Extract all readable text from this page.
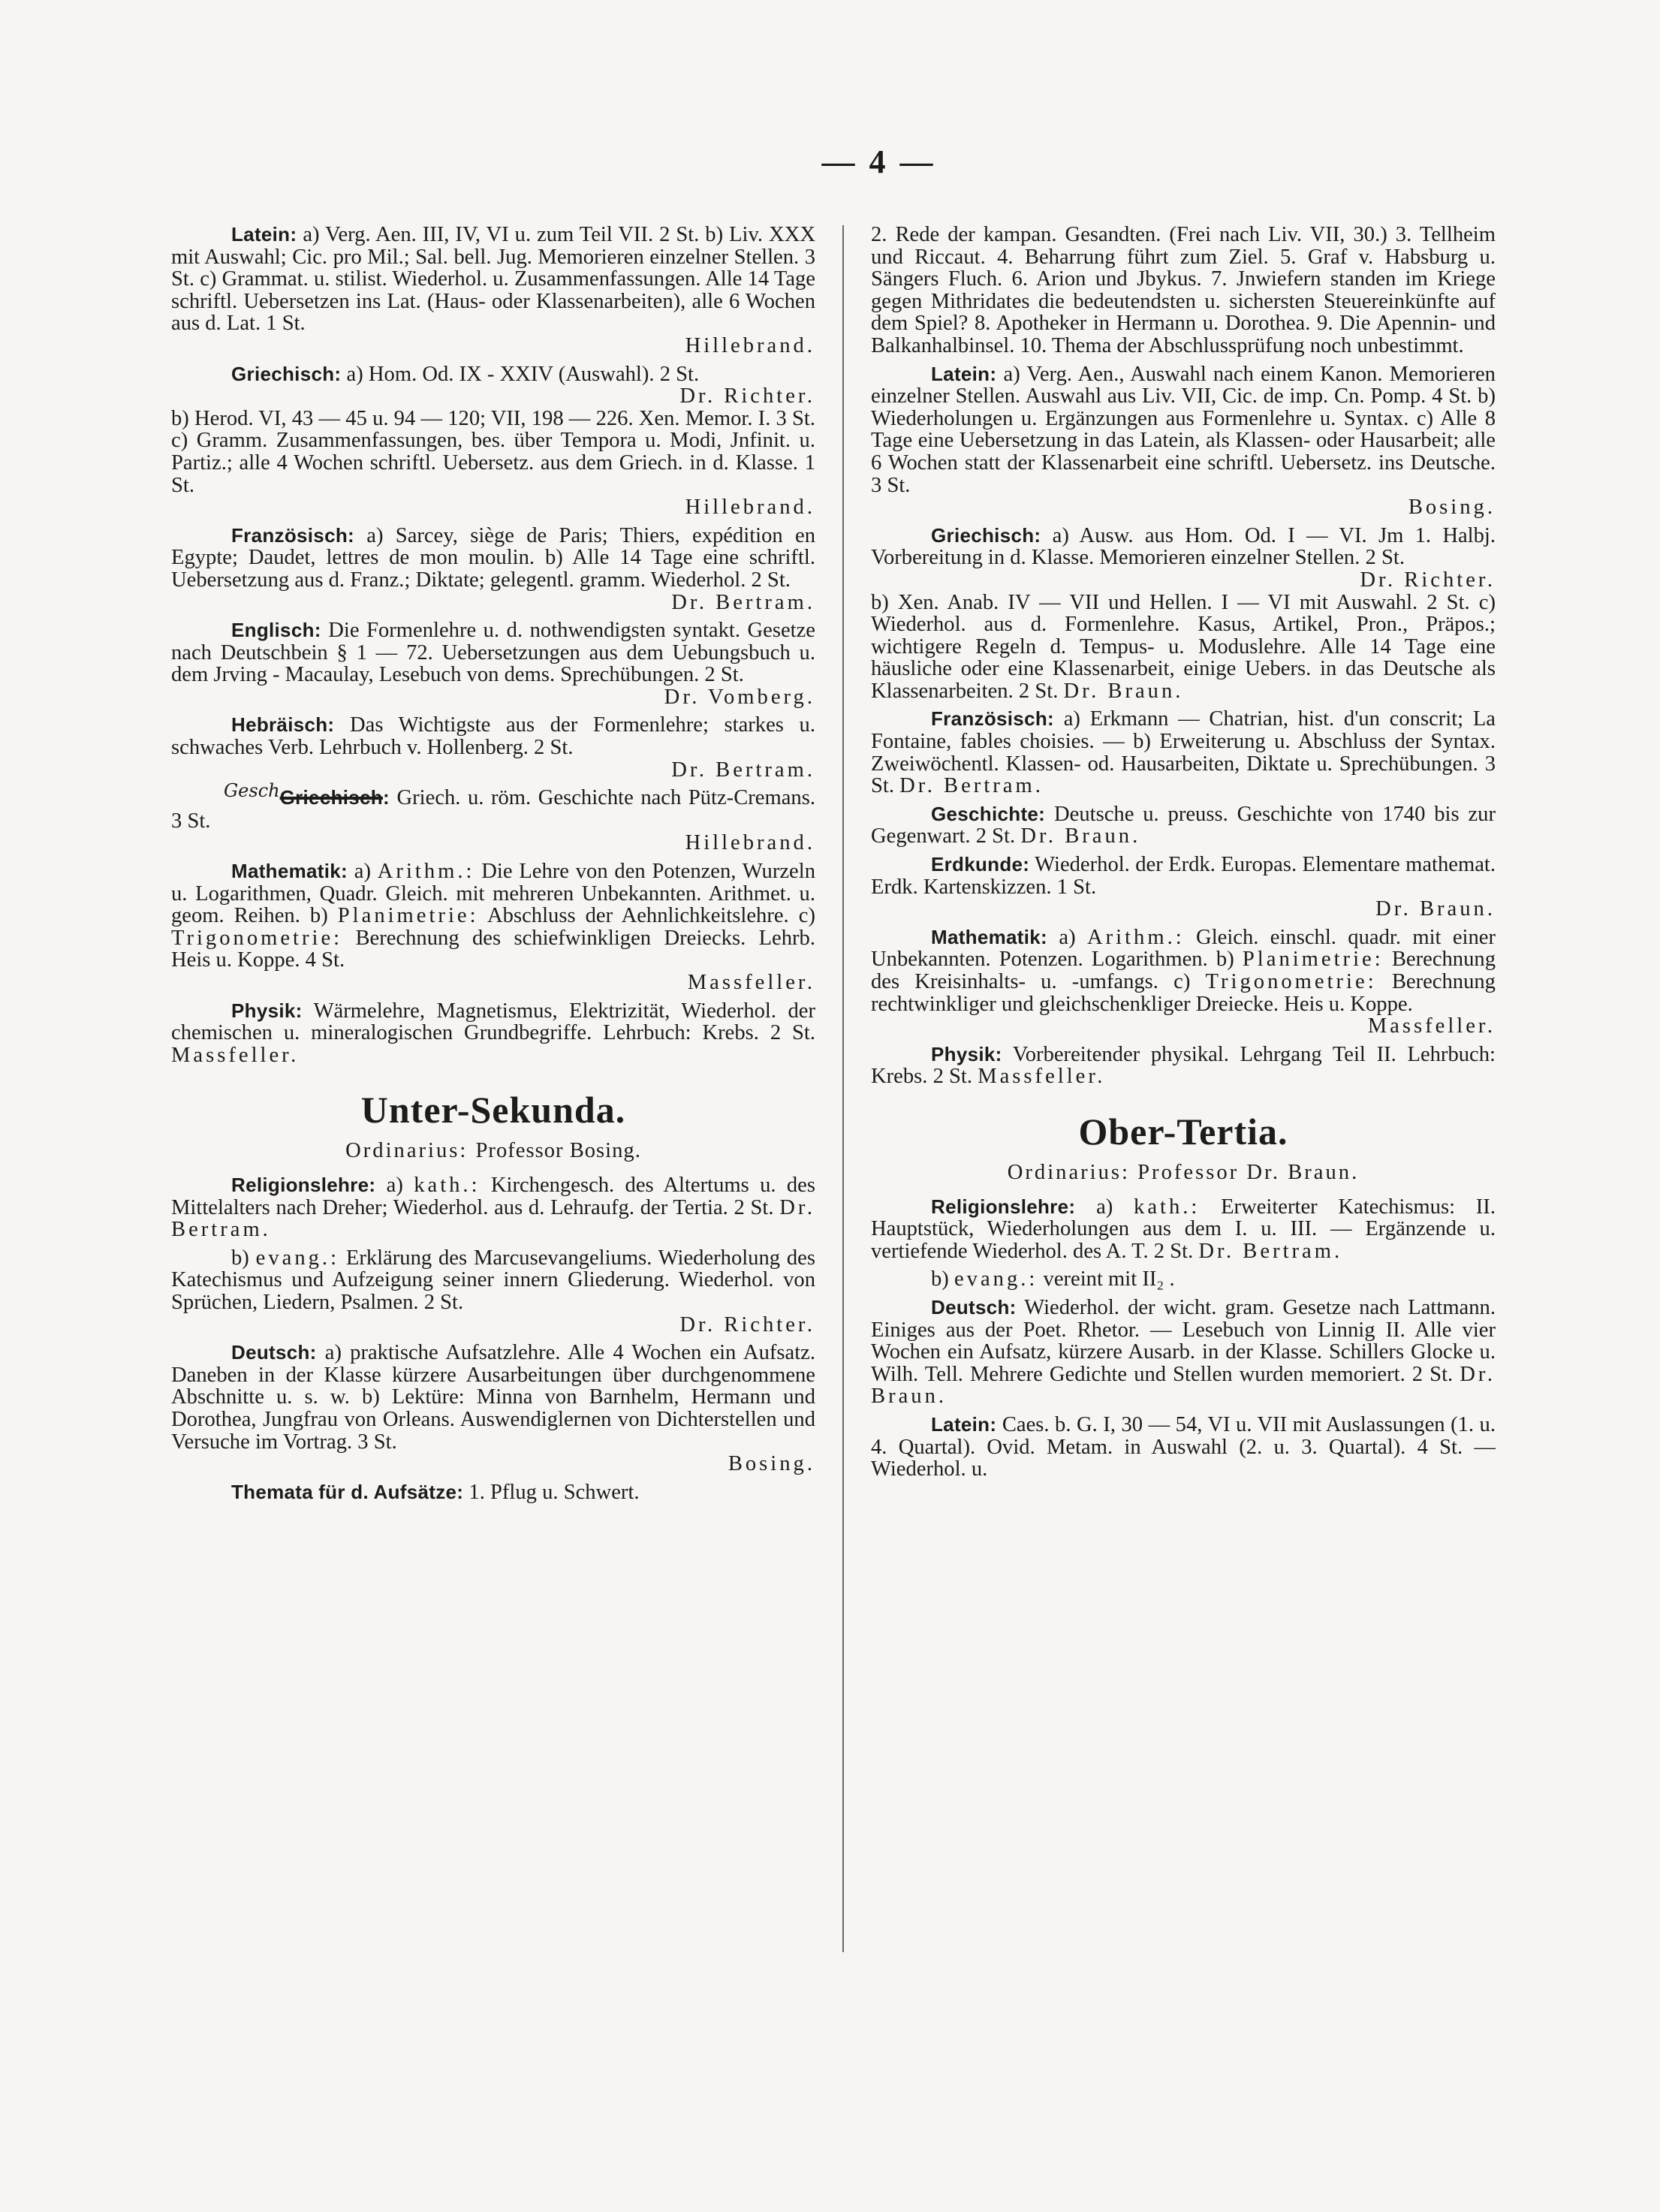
— 4 —

Latein: a) Verg. Aen. III, IV, VI u. zum Teil VII. 2 St. b) Liv. XXX mit Auswahl; Cic. pro Mil.; Sal. bell. Jug. Memorieren einzelner Stellen. 3 St. c) Grammat. u. stilist. Wiederhol. u. Zusammenfassungen. Alle 14 Tage schriftl. Uebersetzen ins Lat. (Haus- oder Klassenarbeiten), alle 6 Wochen aus d. Lat. 1 St.
Hillebrand.

Griechisch: a) Hom. Od. IX - XXIV (Auswahl). 2 St.
Dr. Richter.
b) Herod. VI, 43 — 45 u. 94 — 120; VII, 198 — 226. Xen. Memor. I. 3 St. c) Gramm. Zusammenfassungen, bes. über Tempora u. Modi, Jnfinit. u. Partiz.; alle 4 Wochen schriftl. Uebersetz. aus dem Griech. in d. Klasse. 1 St.
Hillebrand.

Französisch: a) Sarcey, siège de Paris; Thiers, expédition en Egypte; Daudet, lettres de mon moulin. b) Alle 14 Tage eine schriftl. Uebersetzung aus d. Franz.; Diktate; gelegentl. gramm. Wiederhol. 2 St.
Dr. Bertram.

Englisch: Die Formenlehre u. d. nothwendigsten syntakt. Gesetze nach Deutschbein § 1 — 72. Uebersetzungen aus dem Uebungsbuch u. dem Jrving - Macaulay, Lesebuch von dems. Sprechübungen. 2 St.
Dr. Vomberg.

Hebräisch: Das Wichtigste aus der Formenlehre; starkes u. schwaches Verb. Lehrbuch v. Hollenberg. 2 St.
Dr. Bertram.

$^{Gesch}$Griechisch: Griech. u. röm. Geschichte nach Pütz-Cremans. 3 St.
Hillebrand.

Mathematik: a) Arithm.: Die Lehre von den Potenzen, Wurzeln u. Logarithmen, Quadr. Gleich. mit mehreren Unbekannten. Arithmet. u. geom. Reihen. b) Planimetrie: Abschluss der Aehnlichkeitslehre. c) Trigonometrie: Berechnung des schiefwinkligen Dreiecks. Lehrb. Heis u. Koppe. 4 St.
Massfeller.

Physik: Wärmelehre, Magnetismus, Elektrizität, Wiederhol. der chemischen u. mineralogischen Grundbegriffe. Lehrbuch: Krebs. 2 St. Massfeller.

Unter-Sekunda.
Ordinarius: Professor Bosing.

Religionslehre: a) kath.: Kirchengesch. des Altertums u. des Mittelalters nach Dreher; Wiederhol. aus d. Lehraufg. der Tertia. 2 St. Dr. Bertram.

b) evang.: Erklärung des Marcusevangeliums. Wiederholung des Katechismus und Aufzeigung seiner innern Gliederung. Wiederhol. von Sprüchen, Liedern, Psalmen. 2 St.
Dr. Richter.

Deutsch: a) praktische Aufsatzlehre. Alle 4 Wochen ein Aufsatz. Daneben in der Klasse kürzere Ausarbeitungen über durchgenommene Abschnitte u. s. w. b) Lektüre: Minna von Barnhelm, Hermann und Dorothea, Jungfrau von Orleans. Auswendiglernen von Dichterstellen und Versuche im Vortrag. 3 St.
Bosing.

Themata für d. Aufsätze: 1. Pflug u. Schwert.

2. Rede der kampan. Gesandten. (Frei nach Liv. VII, 30.) 3. Tellheim und Riccaut. 4. Beharrung führt zum Ziel. 5. Graf v. Habsburg u. Sängers Fluch. 6. Arion und Jbykus. 7. Jnwiefern standen im Kriege gegen Mithridates die bedeutendsten u. sichersten Steuereinkünfte auf dem Spiel? 8. Apotheker in Hermann u. Dorothea. 9. Die Apennin- und Balkanhalbinsel. 10. Thema der Abschlussprüfung noch unbestimmt.

Latein: a) Verg. Aen., Auswahl nach einem Kanon. Memorieren einzelner Stellen. Auswahl aus Liv. VII, Cic. de imp. Cn. Pomp. 4 St. b) Wiederholungen u. Ergänzungen aus Formenlehre u. Syntax. c) Alle 8 Tage eine Uebersetzung in das Latein, als Klassen- oder Hausarbeit; alle 6 Wochen statt der Klassenarbeit eine schriftl. Uebersetz. ins Deutsche. 3 St.
Bosing.

Griechisch: a) Ausw. aus Hom. Od. I — VI. Jm 1. Halbj. Vorbereitung in d. Klasse. Memorieren einzelner Stellen. 2 St.
Dr. Richter.
b) Xen. Anab. IV — VII und Hellen. I — VI mit Auswahl. 2 St. c) Wiederhol. aus d. Formenlehre. Kasus, Artikel, Pron., Präpos.; wichtigere Regeln d. Tempus- u. Moduslehre. Alle 14 Tage eine häusliche oder eine Klassenarbeit, einige Uebers. in das Deutsche als Klassenarbeiten. 2 St. Dr. Braun.

Französisch: a) Erkmann — Chatrian, hist. d'un conscrit; La Fontaine, fables choisies. — b) Erweiterung u. Abschluss der Syntax. Zweiwöchentl. Klassen- od. Hausarbeiten, Diktate u. Sprechübungen. 3 St. Dr. Bertram.

Geschichte: Deutsche u. preuss. Geschichte von 1740 bis zur Gegenwart. 2 St. Dr. Braun.

Erdkunde: Wiederhol. der Erdk. Europas. Elementare mathemat. Erdk. Kartenskizzen. 1 St.
Dr. Braun.

Mathematik: a) Arithm.: Gleich. einschl. quadr. mit einer Unbekannten. Potenzen. Logarithmen. b) Planimetrie: Berechnung des Kreisinhalts- u. -umfangs. c) Trigonometrie: Berechnung rechtwinkliger und gleichschenkliger Dreiecke. Heis u. Koppe.
Massfeller.

Physik: Vorbereitender physikal. Lehrgang Teil II. Lehrbuch: Krebs. 2 St. Massfeller.

Ober-Tertia.
Ordinarius: Professor Dr. Braun.

Religionslehre: a) kath.: Erweiterter Katechismus: II. Hauptstück, Wiederholungen aus dem I. u. III. — Ergänzende u. vertiefende Wiederhol. des A. T. 2 St. Dr. Bertram.

b) evang.: vereint mit II₂ .

Deutsch: Wiederhol. der wicht. gram. Gesetze nach Lattmann. Einiges aus der Poet. Rhetor. — Lesebuch von Linnig II. Alle vier Wochen ein Aufsatz, kürzere Ausarb. in der Klasse. Schillers Glocke u. Wilh. Tell. Mehrere Gedichte und Stellen wurden memoriert. 2 St. Dr. Braun.

Latein: Caes. b. G. I, 30 — 54, VI u. VII mit Auslassungen (1. u. 4. Quartal). Ovid. Metam. in Auswahl (2. u. 3. Quartal). 4 St. — Wiederhol. u.
